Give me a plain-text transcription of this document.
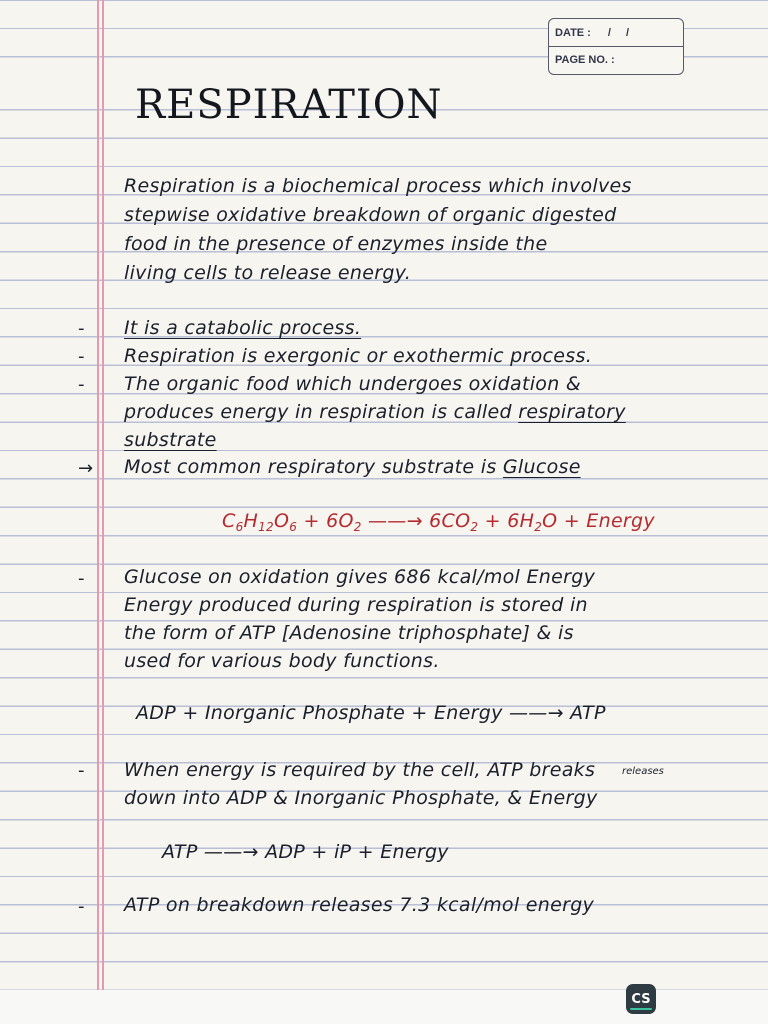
DATE : / /
PAGE NO. :
RESPIRATION
Respiration is a biochemical process which involves
stepwise oxidative breakdown of organic digested
food in the presence of enzymes inside the
living cells to release energy.
- It is a catabolic process.
- Respiration is exergonic or exothermic process.
- The organic food which undergoes oxidation &
produces energy in respiration is called respiratory
substrate
→ Most common respiratory substrate is Glucose
$C_6H_{12}O_6 + 6O_2$ ——→ $6CO_2 + 6H_2O$ + Energy
- Glucose on oxidation gives 686 kcal/mol Energy
Energy produced during respiration is stored in
the form of ATP [Adenosine triphosphate] & is
used for various body functions.
ADP + Inorganic Phosphate + Energy ——→ ATP
- When energy is required by the cell, ATP breaks	releases
down into ADP & Inorganic Phosphate, & Energy
ATP ——→ ADP + iP + Energy
- ATP on breakdown releases 7.3 kcal/mol energy
CS
